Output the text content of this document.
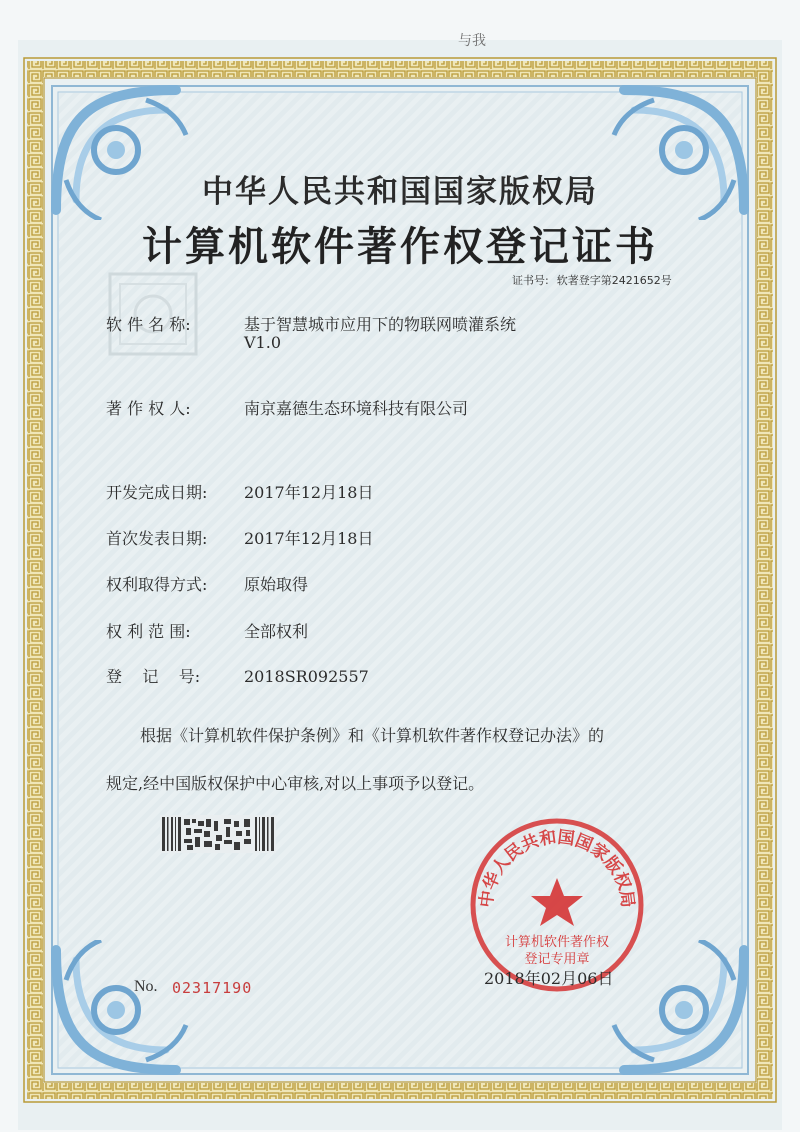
与我
中华人民共和国国家版权局
计算机软件著作权登记证书
证书号: 软著登字第2421652号
软 件 名 称:	基于智慧城市应用下的物联网喷灌系统
V1.0
著 作 权 人:	南京嘉德生态环境科技有限公司
开发完成日期: 2017年12月18日
首次发表日期: 2017年12月18日
权利取得方式: 原始取得
权 利 范 围:	全部权利
登    记    号:	2018SR092557
根据《计算机软件保护条例》和《计算机软件著作权登记办法》的
规定,经中国版权保护中心审核,对以上事项予以登记。
中华人民共和国国家版权局
计算机软件著作权
登记专用章
No. 02317190	2018年02月06日
